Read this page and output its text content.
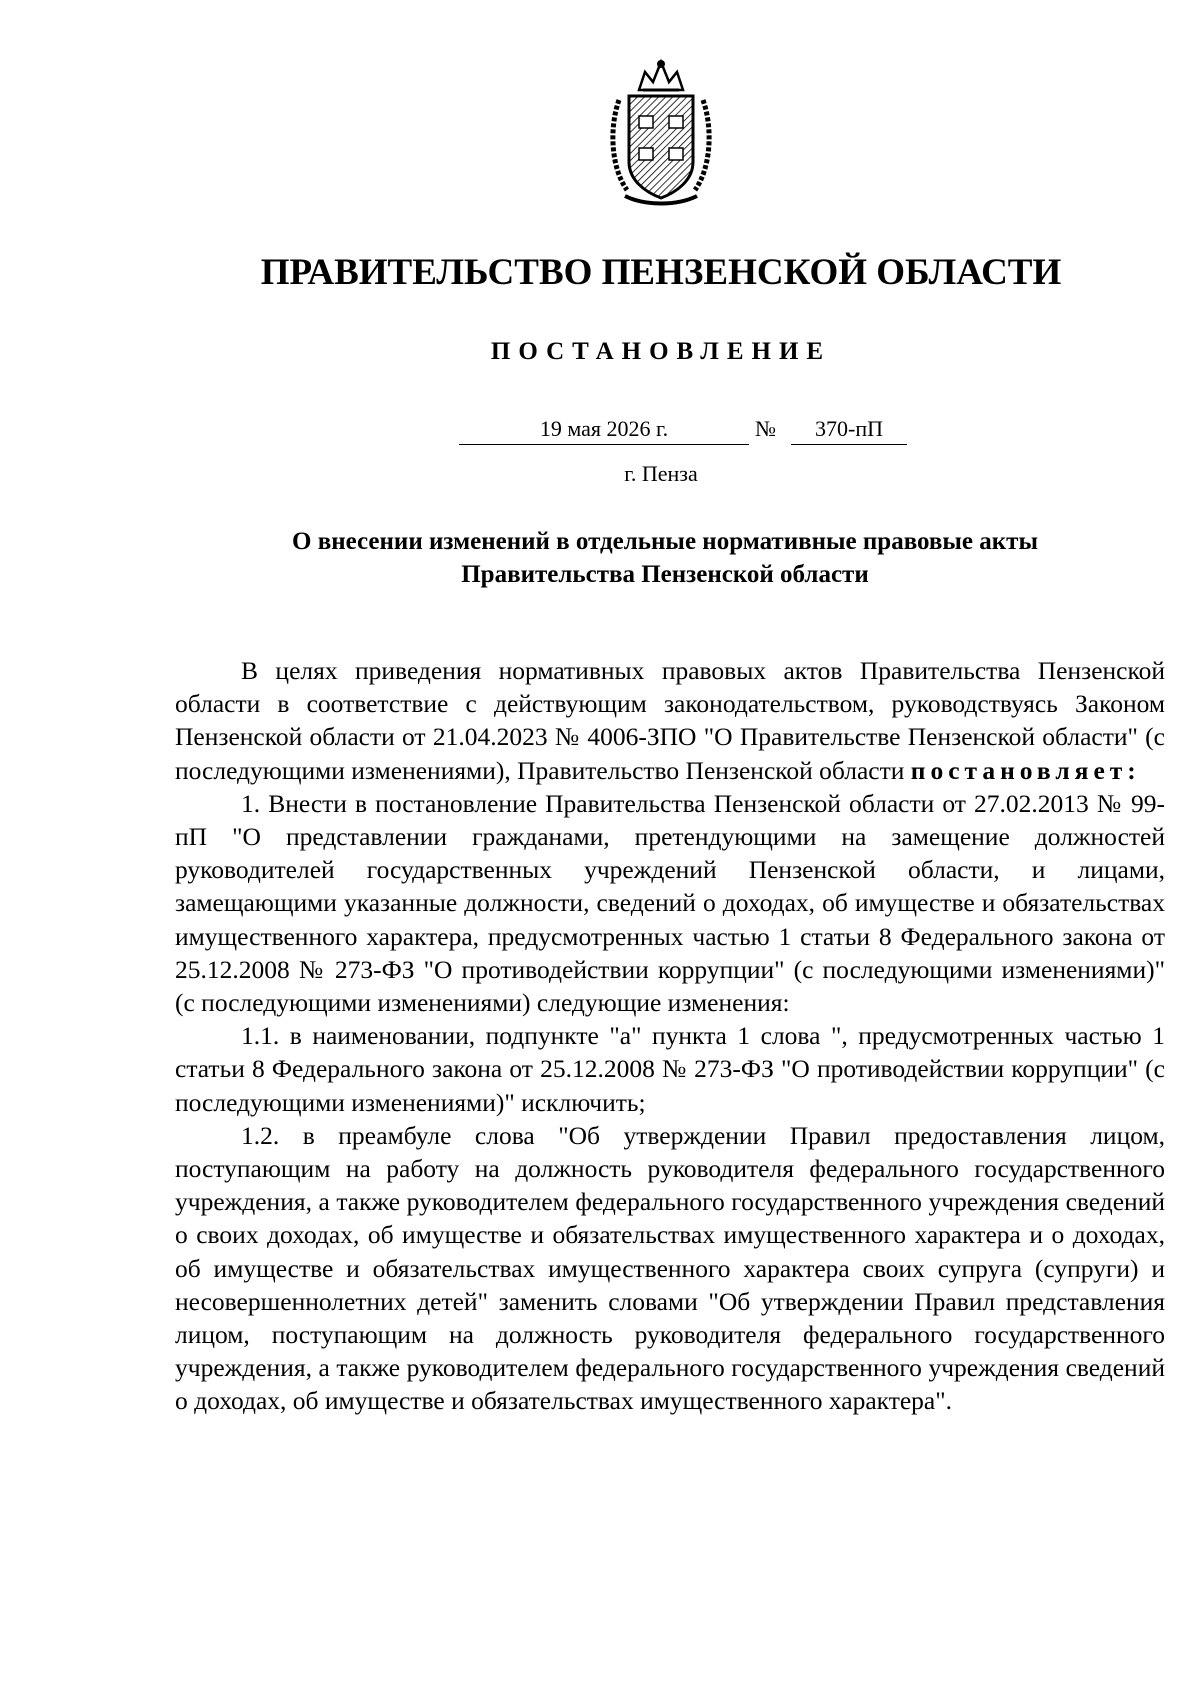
ПРАВИТЕЛЬСТВО ПЕНЗЕНСКОЙ ОБЛАСТИ
ПОСТАНОВЛЕНИЕ
19 мая 2026 г.	№	370-пП
г. Пенза
О внесении изменений в отдельные нормативные правовые акты
Правительства Пензенской области

В целях приведения нормативных правовых актов Правительства Пензенской области в соответствие с действующим законодательством, руководствуясь Законом Пензенской области от 21.04.2023 № 4006-ЗПО "О Правительстве Пензенской области" (с последующими изменениями), Правительство Пензенской области постановляет:

1. Внести в постановление Правительства Пензенской области от 27.02.2013 № 99-пП "О представлении гражданами, претендующими на замещение должностей руководителей государственных учреждений Пензенской области, и лицами, замещающими указанные должности, сведений о доходах, об имуществе и обязательствах имущественного характера, предусмотренных частью 1 статьи 8 Федерального закона от 25.12.2008 № 273-ФЗ "О противодействии коррупции" (с последующими изменениями)" (с последующими изменениями) следующие изменения:

1.1. в наименовании, подпункте "а" пункта 1 слова ", предусмотренных частью 1 статьи 8 Федерального закона от 25.12.2008 № 273-ФЗ "О противодействии коррупции" (с последующими изменениями)" исключить;

1.2. в преамбуле слова "Об утверждении Правил предоставления лицом, поступающим на работу на должность руководителя федерального государственного учреждения, а также руководителем федерального государственного учреждения сведений о своих доходах, об имуществе и обязательствах имущественного характера и о доходах, об имуществе и обязательствах имущественного характера своих супруга (супруги) и несовершеннолетних детей" заменить словами "Об утверждении Правил представления лицом, поступающим на должность руководителя федерального государственного учреждения, а также руководителем федерального государственного учреждения сведений о доходах, об имуществе и обязательствах имущественного характера".
